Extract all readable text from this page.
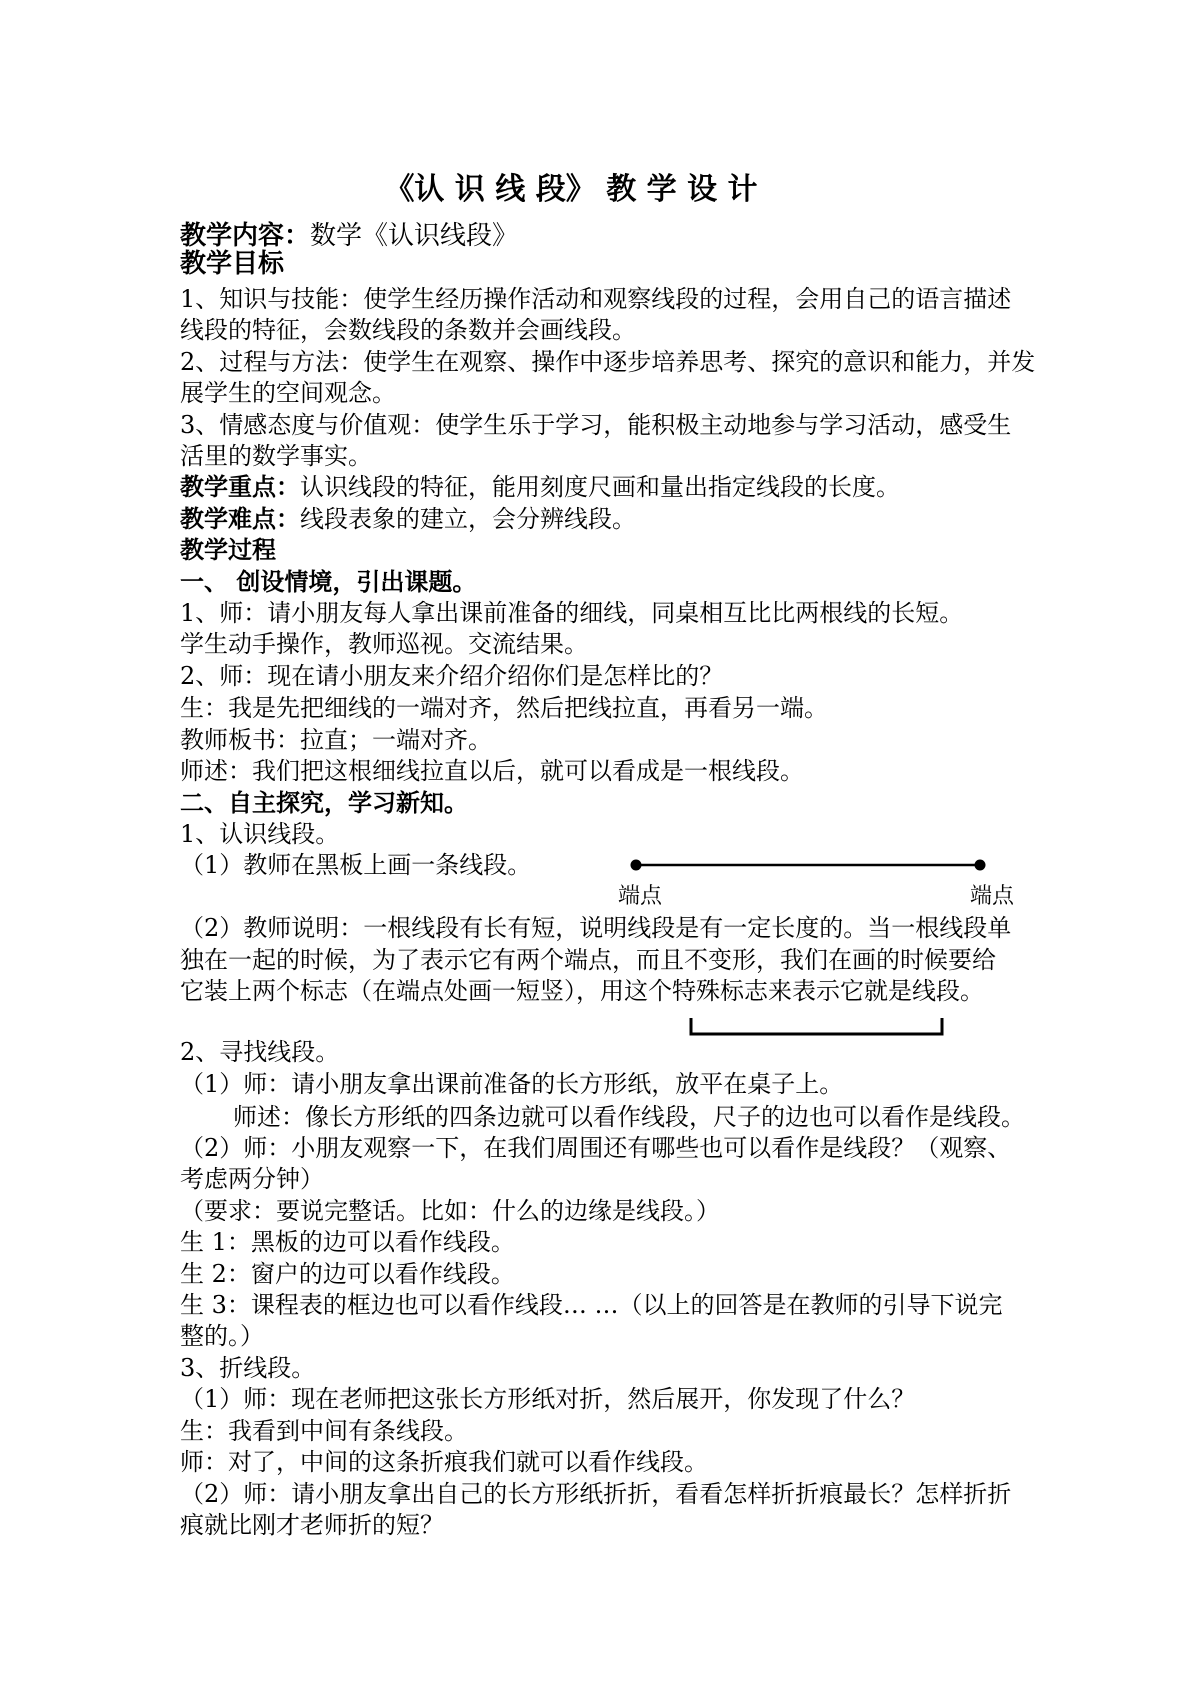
《认 识 线 段》 教 学 设 计
教学内容：数学《认识线段》
教学目标
1、知识与技能：使学生经历操作活动和观察线段的过程，会用自己的语言描述
线段的特征，会数线段的条数并会画线段。
2、过程与方法：使学生在观察、操作中逐步培养思考、探究的意识和能力，并发
展学生的空间观念。
3、情感态度与价值观：使学生乐于学习，能积极主动地参与学习活动，感受生
活里的数学事实。
教学重点：认识线段的特征，能用刻度尺画和量出指定线段的长度。
教学难点：线段表象的建立，会分辨线段。
教学过程
一、 创设情境，引出课题。
1、师：请小朋友每人拿出课前准备的细线，同桌相互比比两根线的长短。
学生动手操作，教师巡视。交流结果。
2、师：现在请小朋友来介绍介绍你们是怎样比的？
生：我是先把细线的一端对齐，然后把线拉直，再看另一端。
教师板书：拉直；一端对齐。
师述：我们把这根细线拉直以后，就可以看成是一根线段。
二、自主探究，学习新知。
1、认识线段。
（1）教师在黑板上画一条线段。
端点	端点
（2）教师说明：一根线段有长有短，说明线段是有一定长度的。当一根线段单
独在一起的时候，为了表示它有两个端点，而且不变形，我们在画的时候要给
它装上两个标志（在端点处画一短竖），用这个特殊标志来表示它就是线段。
2、寻找线段。
（1）师：请小朋友拿出课前准备的长方形纸，放平在桌子上。
师述：像长方形纸的四条边就可以看作线段，尺子的边也可以看作是线段。
（2）师：小朋友观察一下，在我们周围还有哪些也可以看作是线段？（观察、
考虑两分钟）
（要求：要说完整话。比如：什么的边缘是线段。）
生 1：黑板的边可以看作线段。
生 2：窗户的边可以看作线段。
生 3：课程表的框边也可以看作线段… …（以上的回答是在教师的引导下说完
整的。）
3、折线段。
（1）师：现在老师把这张长方形纸对折，然后展开，你发现了什么？
生：我看到中间有条线段。
师：对了，中间的这条折痕我们就可以看作线段。
（2）师：请小朋友拿出自己的长方形纸折折，看看怎样折折痕最长？怎样折折
痕就比刚才老师折的短？
